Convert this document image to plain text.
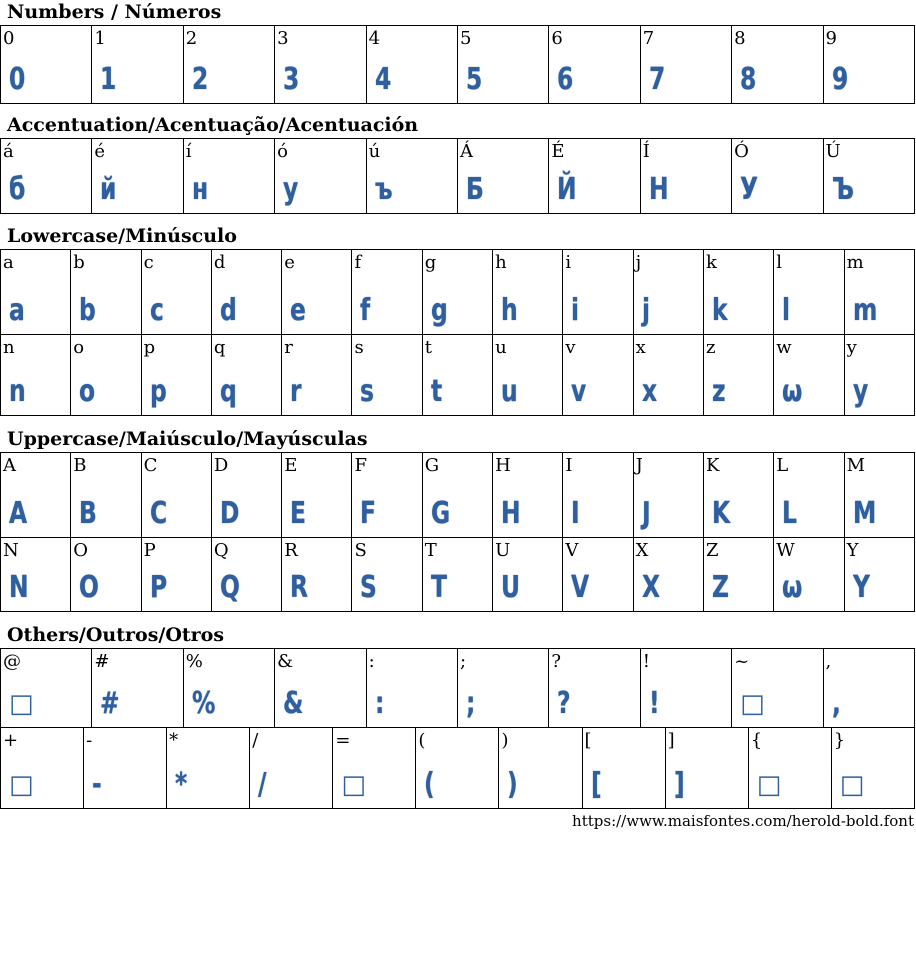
Numbers / Números
0
0
1
1
2
2
3
3
4
4
5
5
6
6
7
7
8
8
9
9
Accentuation/Acentuação/Acentuación
á
б
é
й
í
н
ó
у
ú
ъ
Á
Б
É
Й
Í
Н
Ó
У
Ú
Ъ
Lowercase/Minúsculo
a
a
b
b
c
c
d
d
e
e
f
f
g
g
h
h
i
i
j
j
k
k
l
l
m
m
n
n
o
o
p
p
q
q
r
r
s
s
t
t
u
u
v
v
x
x
z
z
w
ω
y
y
Uppercase/Maiúsculo/Mayúsculas
A
A
B
B
C
C
D
D
E
E
F
F
G
G
H
H
I
I
J
J
K
K
L
L
M
M
N
N
O
O
P
P
Q
Q
R
R
S
S
T
T
U
U
V
V
X
X
Z
Z
W
ω
Y
Y
Others/Outros/Otros
@
□
#
#
%
%
&
&
:
:
;
;
?
?
!
!
~
□
,
,
+
□
-
-
*
*
/
/
=
□
(
(
)
)
[
[
]
]
{
□
}
□
https://www.maisfontes.com/herold-bold.font
